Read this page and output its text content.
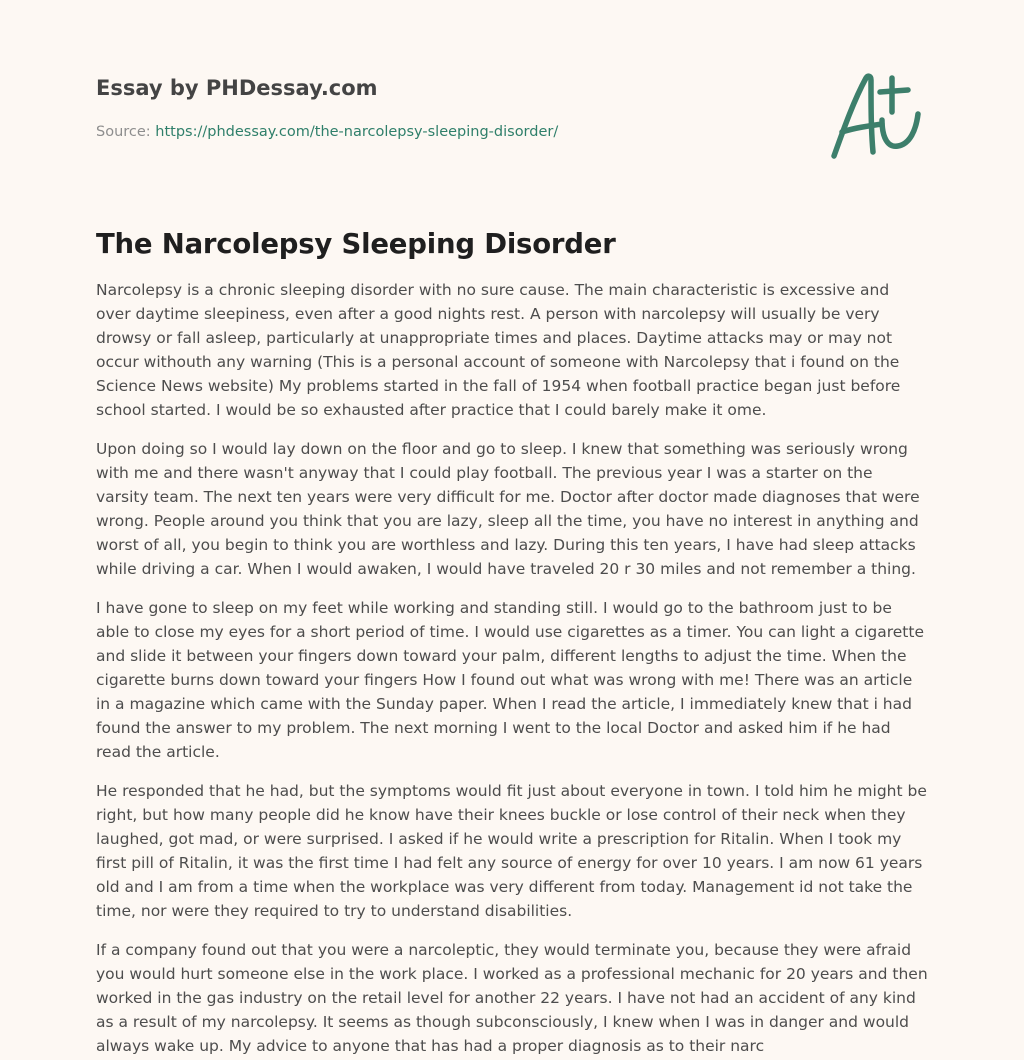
Essay by PHDessay.com
Source: https://phdessay.com/the-narcolepsy-sleeping-disorder/
The Narcolepsy Sleeping Disorder

Narcolepsy is a chronic sleeping disorder with no sure cause. The main characteristic is excessive and over daytime sleepiness, even after a good nights rest. A person with narcolepsy will usually be very drowsy or fall asleep, particularly at unappropriate times and places. Daytime attacks may or may not occur withouth any warning (This is a personal account of someone with Narcolepsy that i found on the Science News website) My problems started in the fall of 1954 when football practice began just before school started. I would be so exhausted after practice that I could barely make it ome.

Upon doing so I would lay down on the floor and go to sleep. I knew that something was seriously wrong with me and there wasn't anyway that I could play football. The previous year I was a starter on the varsity team. The next ten years were very difficult for me. Doctor after doctor made diagnoses that were wrong. People around you think that you are lazy, sleep all the time, you have no interest in anything and worst of all, you begin to think you are worthless and lazy. During this ten years, I have had sleep attacks while driving a car. When I would awaken, I would have traveled 20 r 30 miles and not remember a thing.

I have gone to sleep on my feet while working and standing still. I would go to the bathroom just to be able to close my eyes for a short period of time. I would use cigarettes as a timer. You can light a cigarette and slide it between your fingers down toward your palm, different lengths to adjust the time. When the cigarette burns down toward your fingers How I found out what was wrong with me! There was an article in a magazine which came with the Sunday paper. When I read the article, I immediately knew that i had found the answer to my problem. The next morning I went to the local Doctor and asked him if he had read the article.

He responded that he had, but the symptoms would fit just about everyone in town. I told him he might be right, but how many people did he know have their knees buckle or lose control of their neck when they laughed, got mad, or were surprised. I asked if he would write a prescription for Ritalin. When I took my first pill of Ritalin, it was the first time I had felt any source of energy for over 10 years. I am now 61 years old and I am from a time when the workplace was very different from today. Management id not take the time, nor were they required to try to understand disabilities.

If a company found out that you were a narcoleptic, they would terminate you, because they were afraid you would hurt someone else in the work place. I worked as a professional mechanic for 20 years and then worked in the gas industry on the retail level for another 22 years. I have not had an accident of any kind as a result of my narcolepsy. It seems as though subconsciously, I knew when I was in danger and would always wake up. My advice to anyone that has had a proper diagnosis as to their narc
